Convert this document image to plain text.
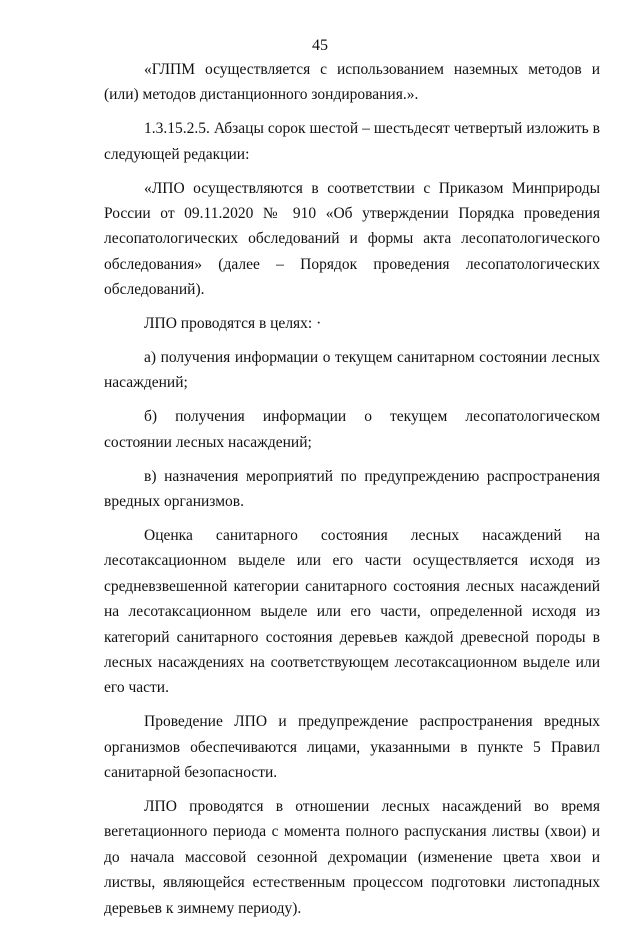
45

«ГЛПМ осуществляется с использованием наземных методов и (или) методов дистанционного зондирования.».

1.3.15.2.5. Абзацы сорок шестой – шестьдесят четвертый изложить в следующей редакции:

«ЛПО осуществляются в соответствии с Приказом Минприроды России от 09.11.2020 № 910 «Об утверждении Порядка проведения лесопатологических обследований и формы акта лесопатологического обследования» (далее – Порядок проведения лесопатологических обследований).

ЛПО проводятся в целях: ·

а) получения информации о текущем санитарном состоянии лесных насаждений;

б) получения информации о текущем лесопатологическом состоянии лесных насаждений;

в) назначения мероприятий по предупреждению распространения вредных организмов.

Оценка санитарного состояния лесных насаждений на лесотаксационном выделе или его части осуществляется исходя из средневзвешенной категории санитарного состояния лесных насаждений на лесотаксационном выделе или его части, определенной исходя из категорий санитарного состояния деревьев каждой древесной породы в лесных насаждениях на соответствующем лесотаксационном выделе или его части.

Проведение ЛПО и предупреждение распространения вредных организмов обеспечиваются лицами, указанными в пункте 5 Правил санитарной безопасности.

ЛПО проводятся в отношении лесных насаждений во время вегетационного периода с момента полного распускания листвы (хвои) и до начала массовой сезонной дехромации (изменение цвета хвои и листвы, являющейся естественным процессом подготовки листопадных деревьев к зимнему периоду).
